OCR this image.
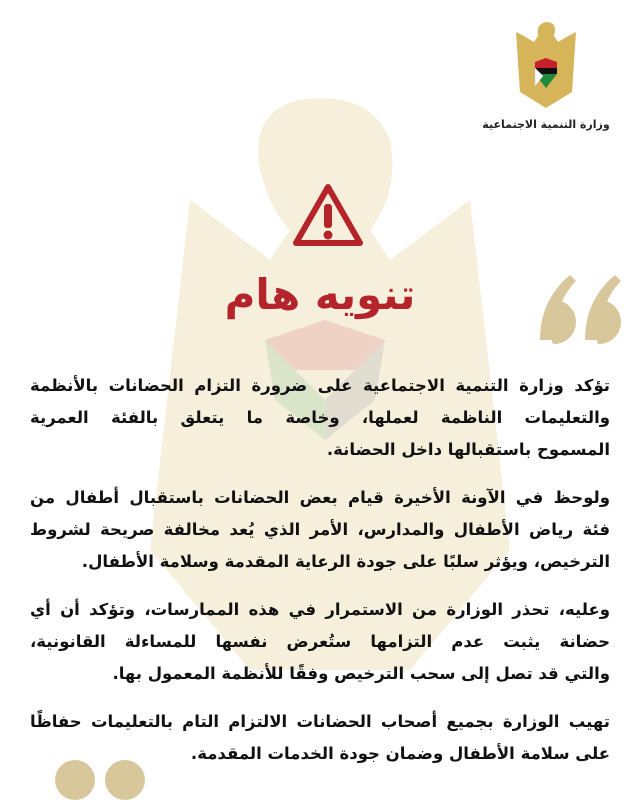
وزارة التنمية الاجتماعية
تنويه هام
تؤكد وزارة التنمية الاجتماعية على ضرورة التزام الحضانات بالأنظمة
والتعليمات الناظمة لعملها، وخاصة ما يتعلق بالفئة العمرية
المسموح باستقبالها داخل الحضانة.
ولوحظ في الآونة الأخيرة قيام بعض الحضانات باستقبال أطفال من
فئة رياض الأطفال والمدارس، الأمر الذي يُعد مخالفة صريحة لشروط
الترخيص، ويؤثر سلبًا على جودة الرعاية المقدمة وسلامة الأطفال.
وعليه، تحذر الوزارة من الاستمرار في هذه الممارسات، وتؤكد أن أي
حضانة يثبت عدم التزامها ستُعرض نفسها للمساءلة القانونية،
والتي قد تصل إلى سحب الترخيص وفقًا للأنظمة المعمول بها.
تهيب الوزارة بجميع أصحاب الحضانات الالتزام التام بالتعليمات حفاظًا
على سلامة الأطفال وضمان جودة الخدمات المقدمة.
